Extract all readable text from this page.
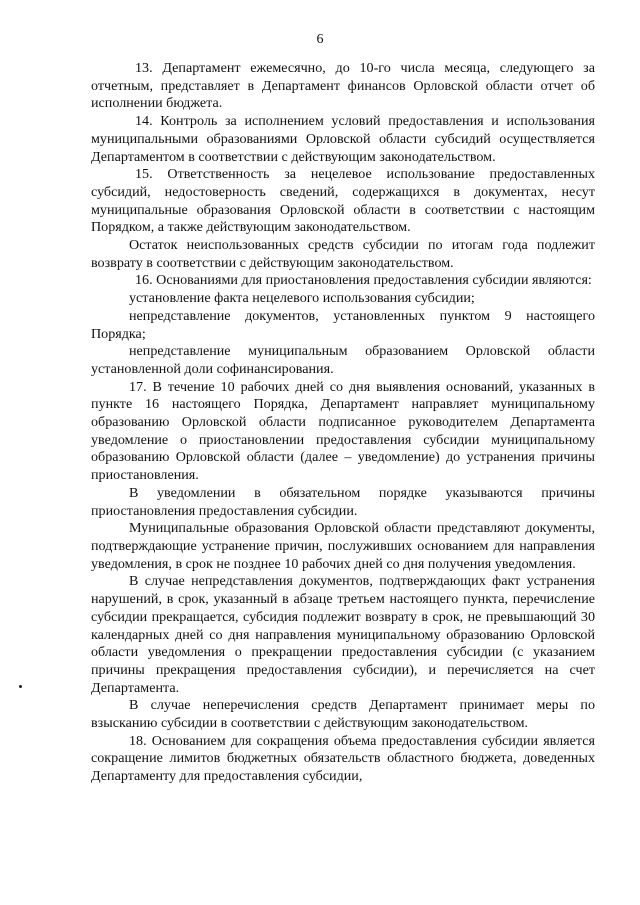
6

13. Департамент ежемесячно, до 10-го числа месяца, следующего за отчетным, представляет в Департамент финансов Орловской области отчет об исполнении бюджета.

14. Контроль за исполнением условий предоставления и использования муниципальными образованиями Орловской области субсидий осуществляется Департаментом в соответствии с действующим законодательством.

15. Ответственность за нецелевое использование предоставленных субсидий, недостоверность сведений, содержащихся в документах, несут муниципальные образования Орловской области в соответствии с настоящим Порядком, а также действующим законодательством.

Остаток неиспользованных средств субсидии по итогам года подлежит возврату в соответствии с действующим законодательством.

16. Основаниями для приостановления предоставления субсидии являются:

установление факта нецелевого использования субсидии;

непредставление документов, установленных пунктом 9 настоящего Порядка;

непредставление муниципальным образованием Орловской области установленной доли софинансирования.

17. В течение 10 рабочих дней со дня выявления оснований, указанных в пункте 16 настоящего Порядка, Департамент направляет муниципальному образованию Орловской области подписанное руководителем Департамента уведомление о приостановлении предоставления субсидии муниципальному образованию Орловской области (далее – уведомление) до устранения причины приостановления.

В уведомлении в обязательном порядке указываются причины приостановления предоставления субсидии.

Муниципальные образования Орловской области представляют документы, подтверждающие устранение причин, послуживших основанием для направления уведомления, в срок не позднее 10 рабочих дней со дня получения уведомления.

В случае непредставления документов, подтверждающих факт устранения нарушений, в срок, указанный в абзаце третьем настоящего пункта, перечисление субсидии прекращается, субсидия подлежит возврату в срок, не превышающий 30 календарных дней со дня направления муниципальному образованию Орловской области уведомления о прекращении предоставления субсидии (с указанием причины прекращения предоставления субсидии), и перечисляется на счет Департамента.

В случае неперечисления средств Департамент принимает меры по взысканию субсидии в соответствии с действующим законодательством.

18. Основанием для сокращения объема предоставления субсидии является сокращение лимитов бюджетных обязательств областного бюджета, доведенных Департаменту для предоставления субсидии,
